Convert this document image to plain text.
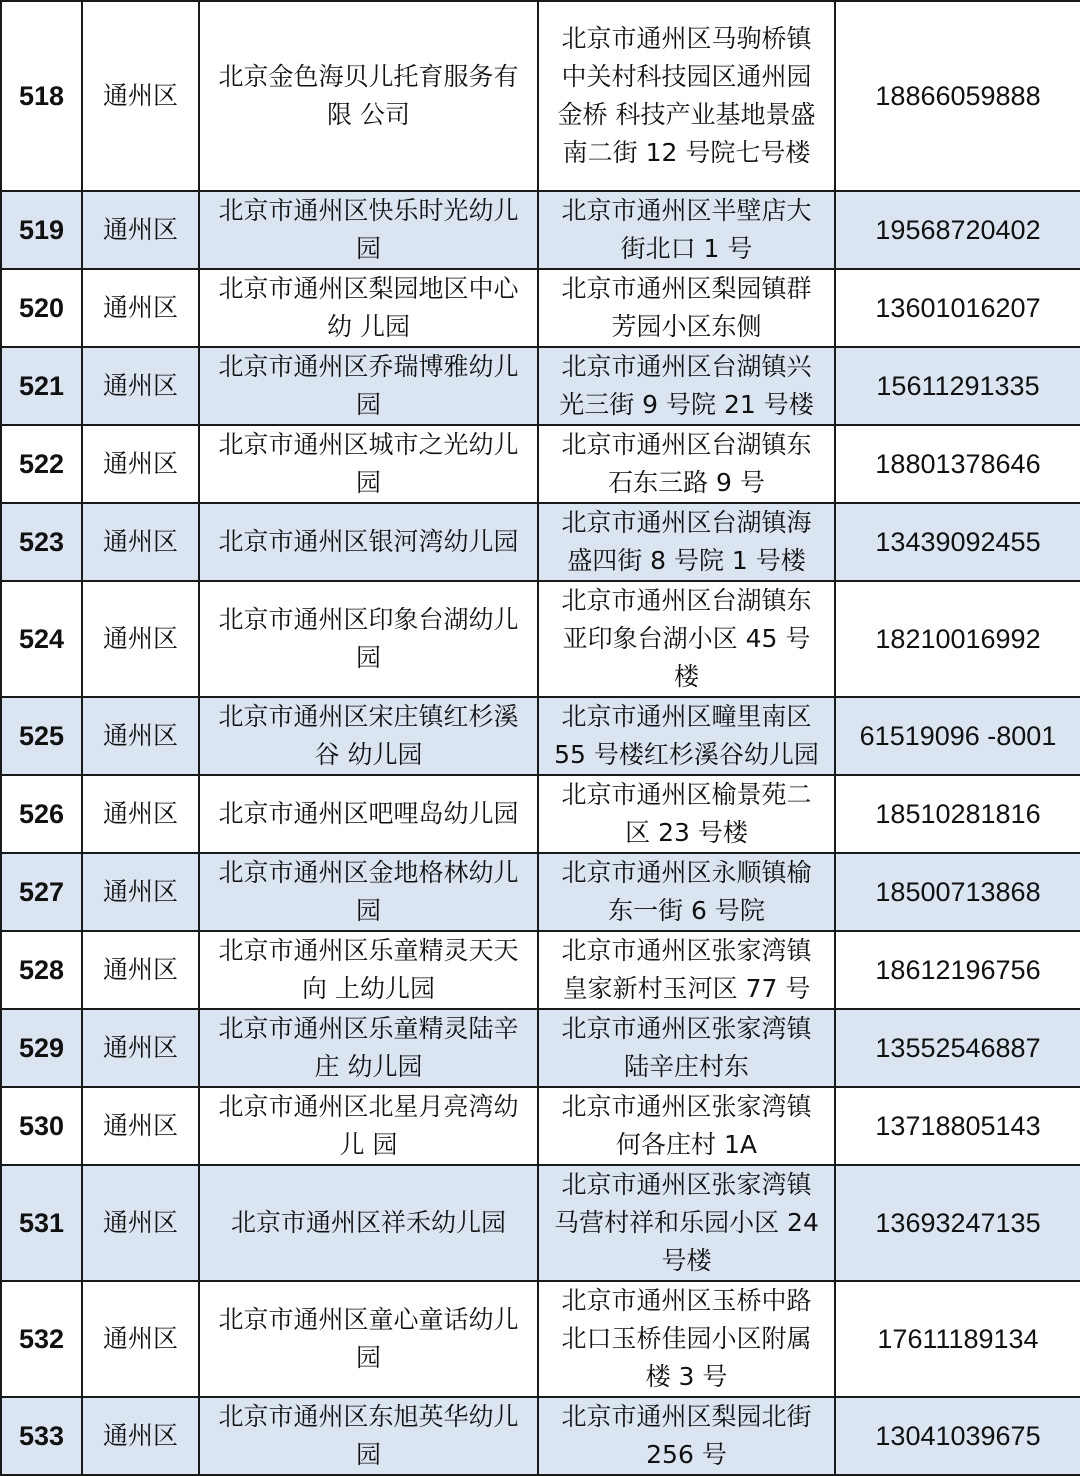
518	通州区	北京金色海贝儿托育服务有限 公司	北京市通州区马驹桥镇中关村科技园区通州园金桥 科技产业基地景盛南二街 12 号院七号楼	18866059888
519	通州区	北京市通州区快乐时光幼儿园	北京市通州区半壁店大街北口 1 号	19568720402
520	通州区	北京市通州区梨园地区中心幼 儿园	北京市通州区梨园镇群芳园小区东侧	13601016207
521	通州区	北京市通州区乔瑞博雅幼儿园	北京市通州区台湖镇兴光三街 9 号院 21 号楼	15611291335
522	通州区	北京市通州区城市之光幼儿园	北京市通州区台湖镇东石东三路 9 号	18801378646
523	通州区	北京市通州区银河湾幼儿园	北京市通州区台湖镇海盛四街 8 号院 1 号楼	13439092455
524	通州区	北京市通州区印象台湖幼儿园	北京市通州区台湖镇东亚印象台湖小区 45 号楼	18210016992
525	通州区	北京市通州区宋庄镇红杉溪谷 幼儿园	北京市通州区疃里南区55 号楼红杉溪谷幼儿园	61519096 -8001
526	通州区	北京市通州区吧哩岛幼儿园	北京市通州区榆景苑二区 23 号楼	18510281816
527	通州区	北京市通州区金地格林幼儿园	北京市通州区永顺镇榆东一街 6 号院	18500713868
528	通州区	北京市通州区乐童精灵天天向 上幼儿园	北京市通州区张家湾镇皇家新村玉河区 77 号	18612196756
529	通州区	北京市通州区乐童精灵陆辛庄 幼儿园	北京市通州区张家湾镇陆辛庄村东	13552546887
530	通州区	北京市通州区北星月亮湾幼儿 园	北京市通州区张家湾镇何各庄村 1A	13718805143
531	通州区	北京市通州区祥禾幼儿园	北京市通州区张家湾镇马营村祥和乐园小区 24 号楼	13693247135
532	通州区	北京市通州区童心童话幼儿园	北京市通州区玉桥中路北口玉桥佳园小区附属楼 3 号	17611189134
533	通州区	北京市通州区东旭英华幼儿园	北京市通州区梨园北街256 号	13041039675
